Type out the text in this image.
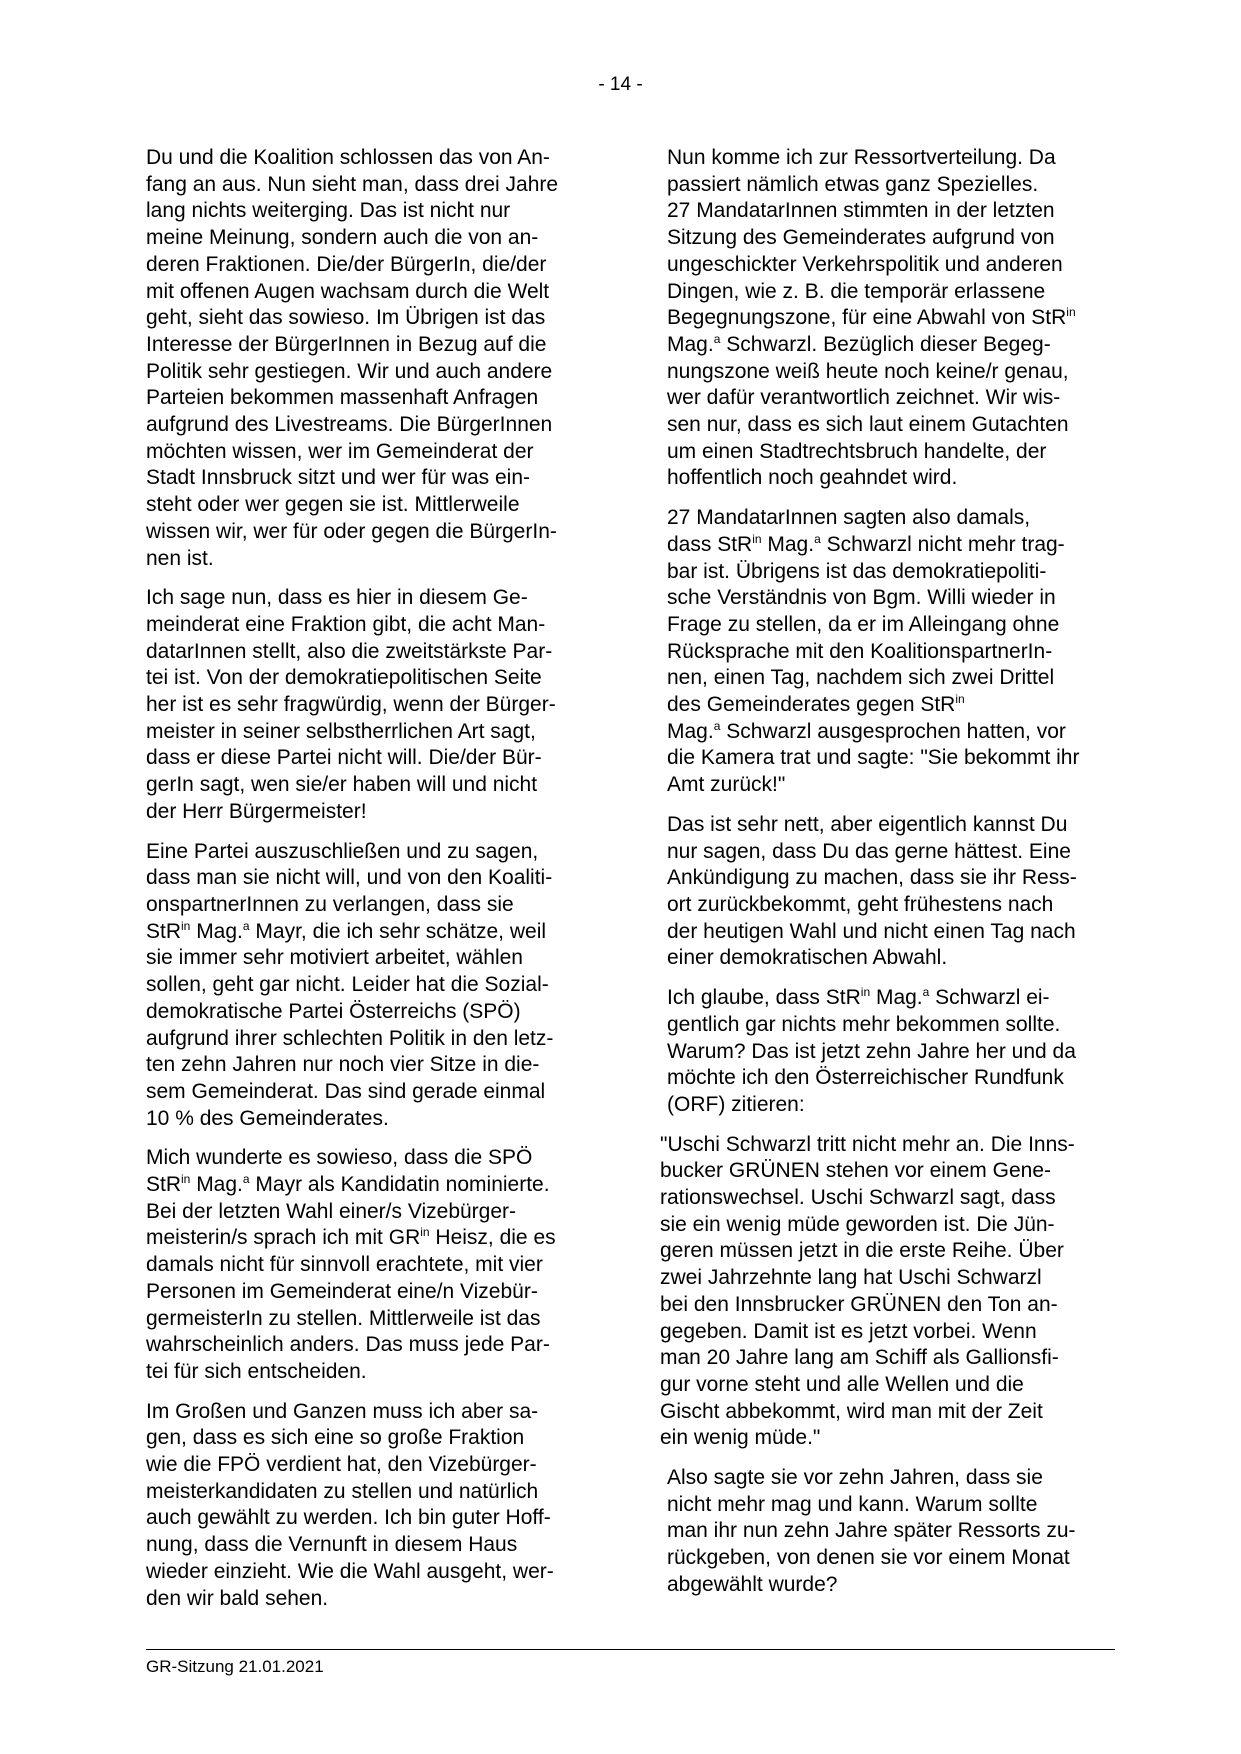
- 14 -

Du und die Koalition schlossen das von An-
fang an aus. Nun sieht man, dass drei Jahre
lang nichts weiterging. Das ist nicht nur
meine Meinung, sondern auch die von an-
deren Fraktionen. Die/der BürgerIn, die/der
mit offenen Augen wachsam durch die Welt
geht, sieht das sowieso. Im Übrigen ist das
Interesse der BürgerInnen in Bezug auf die
Politik sehr gestiegen. Wir und auch andere
Parteien bekommen massenhaft Anfragen
aufgrund des Livestreams. Die BürgerInnen
möchten wissen, wer im Gemeinderat der
Stadt Innsbruck sitzt und wer für was ein-
steht oder wer gegen sie ist. Mittlerweile
wissen wir, wer für oder gegen die BürgerIn-
nen ist.

Ich sage nun, dass es hier in diesem Ge-
meinderat eine Fraktion gibt, die acht Man-
datarInnen stellt, also die zweitstärkste Par-
tei ist. Von der demokratiepolitischen Seite
her ist es sehr fragwürdig, wenn der Bürger-
meister in seiner selbstherrlichen Art sagt,
dass er diese Partei nicht will. Die/der Bür-
gerIn sagt, wen sie/er haben will und nicht
der Herr Bürgermeister!

Eine Partei auszuschließen und zu sagen,
dass man sie nicht will, und von den Koaliti-
onspartnerInnen zu verlangen, dass sie
StR$^{in}$ Mag.$^a$ Mayr, die ich sehr schätze, weil
sie immer sehr motiviert arbeitet, wählen
sollen, geht gar nicht. Leider hat die Sozial-
demokratische Partei Österreichs (SPÖ)
aufgrund ihrer schlechten Politik in den letz-
ten zehn Jahren nur noch vier Sitze in die-
sem Gemeinderat. Das sind gerade einmal
10 % des Gemeinderates.

Mich wunderte es sowieso, dass die SPÖ
StR$^{in}$ Mag.$^a$ Mayr als Kandidatin nominierte.
Bei der letzten Wahl einer/s Vizebürger-
meisterin/s sprach ich mit $GR^{in}$ Heisz, die es
damals nicht für sinnvoll erachtete, mit vier
Personen im Gemeinderat eine/n Vizebür-
germeisterIn zu stellen. Mittlerweile ist das
wahrscheinlich anders. Das muss jede Par-
tei für sich entscheiden.

Im Großen und Ganzen muss ich aber sa-
gen, dass es sich eine so große Fraktion
wie die FPÖ verdient hat, den Vizebürger-
meisterkandidaten zu stellen und natürlich
auch gewählt zu werden. Ich bin guter Hoff-
nung, dass die Vernunft in diesem Haus
wieder einzieht. Wie die Wahl ausgeht, wer-
den wir bald sehen.

Nun komme ich zur Ressortverteilung. Da
passiert nämlich etwas ganz Spezielles.
27 MandatarInnen stimmten in der letzten
Sitzung des Gemeinderates aufgrund von
ungeschickter Verkehrspolitik und anderen
Dingen, wie z. B. die temporär erlassene
Begegnungszone, für eine Abwahl von StR$^{in}$
Mag.$^a$ Schwarzl. Bezüglich dieser Begeg-
nungszone weiß heute noch keine/r genau,
wer dafür verantwortlich zeichnet. Wir wis-
sen nur, dass es sich laut einem Gutachten
um einen Stadtrechtsbruch handelte, der
hoffentlich noch geahndet wird.

27 MandatarInnen sagten also damals,
dass StR$^{in}$ Mag.$^a$ Schwarzl nicht mehr trag-
bar ist. Übrigens ist das demokratiepoliti-
sche Verständnis von Bgm. Willi wieder in
Frage zu stellen, da er im Alleingang ohne
Rücksprache mit den KoalitionspartnerIn-
nen, einen Tag, nachdem sich zwei Drittel
des Gemeinderates gegen StR$^{in}$
Mag.$^a$ Schwarzl ausgesprochen hatten, vor
die Kamera trat und sagte: "Sie bekommt ihr
Amt zurück!"

Das ist sehr nett, aber eigentlich kannst Du
nur sagen, dass Du das gerne hättest. Eine
Ankündigung zu machen, dass sie ihr Ress-
ort zurückbekommt, geht frühestens nach
der heutigen Wahl und nicht einen Tag nach
einer demokratischen Abwahl.

Ich glaube, dass StR$^{in}$ Mag.$^a$ Schwarzl ei-
gentlich gar nichts mehr bekommen sollte.
Warum? Das ist jetzt zehn Jahre her und da
möchte ich den Österreichischer Rundfunk
(ORF) zitieren:

"Uschi Schwarzl tritt nicht mehr an. Die Inns-
bucker GRÜNEN stehen vor einem Gene-
rationswechsel. Uschi Schwarzl sagt, dass
sie ein wenig müde geworden ist. Die Jün-
geren müssen jetzt in die erste Reihe. Über
zwei Jahrzehnte lang hat Uschi Schwarzl
bei den Innsbrucker GRÜNEN den Ton an-
gegeben. Damit ist es jetzt vorbei. Wenn
man 20 Jahre lang am Schiff als Gallionsfi-
gur vorne steht und alle Wellen und die
Gischt abbekommt, wird man mit der Zeit
ein wenig müde."

Also sagte sie vor zehn Jahren, dass sie
nicht mehr mag und kann. Warum sollte
man ihr nun zehn Jahre später Ressorts zu-
rückgeben, von denen sie vor einem Monat
abgewählt wurde?

GR-Sitzung 21.01.2021
